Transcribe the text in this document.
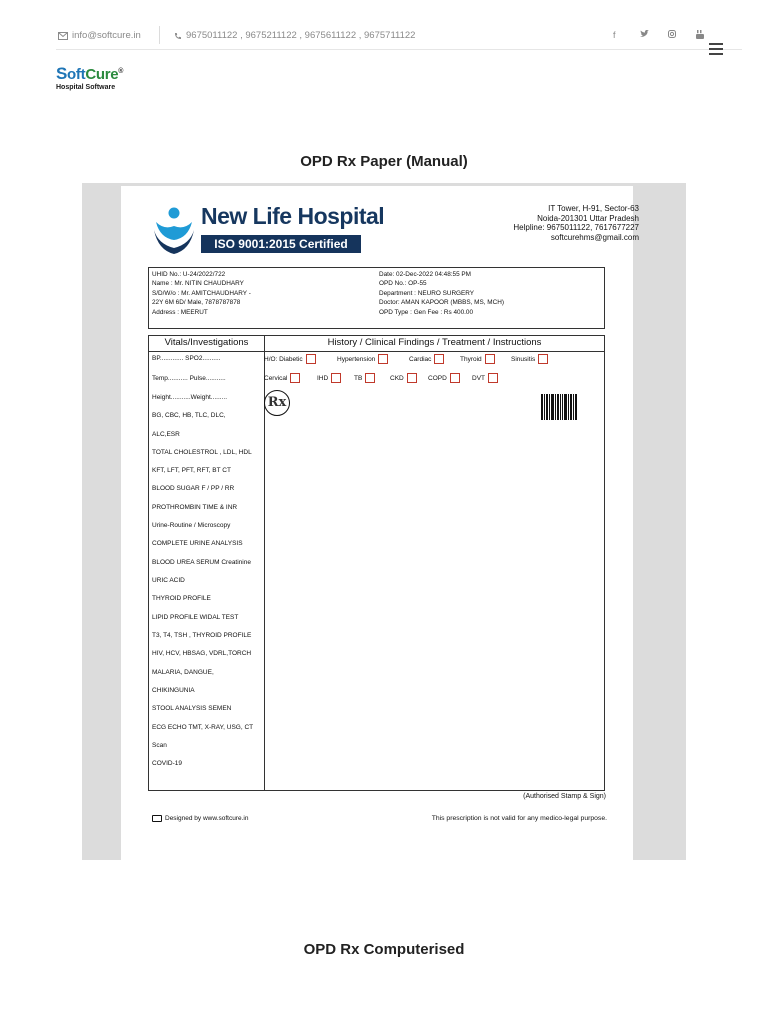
info@softcure.in	9675011122 , 9675211122 , 9675611122 , 9675711122	f
SoftCure®
Hospital Software
OPD Rx Paper (Manual)
New Life Hospital
ISO 9001:2015 Certified
IT Tower, H-91, Sector-63
Noida-201301 Uttar Pradesh
Helpline: 9675011122, 7617677227
softcurehms@gmail.com
UHID No.: U-24/2022/722
Name : Mr. NITIN CHAUDHARY
S/D/W/o : Mr. AMITCHAUDHARY -
22Y 6M 6D/ Male, 7878787878
Address : MEERUT
Date: 02-Dec-2022 04:48:55 PM
OPD No.: OP-55
Department : NEURO SURGERY
Doctor: AMAN KAPOOR (MBBS, MS, MCH)
OPD Type : Gen Fee : Rs 400.00
Vitals/Investigations	History / Clinical Findings / Treatment / Instructions
BP............. SPO2..........
Temp........... Pulse...........
Height...........Weight.........
BG, CBC, HB, TLC, DLC,
ALC,ESR
TOTAL CHOLESTROL , LDL, HDL
KFT, LFT, PFT, RFT, BT CT
BLOOD SUGAR F / PP / RR
PROTHROMBIN TIME & INR
Urine-Routine / Microscopy
COMPLETE URINE ANALYSIS
BLOOD UREA SERUM Creatinine
URIC ACID
THYROID PROFILE
LIPID PROFILE WIDAL TEST
T3, T4, TSH , THYROID PROFILE
HIV, HCV, HBSAG, VDRL,TORCH
MALARIA, DANGUE,
CHIKINGUNIA
STOOL ANALYSIS SEMEN
ECG ECHO TMT, X-RAY, USG, CT
Scan
COVID-19
H/O: Diabetic	Hypertension	Cardiac	Thyroid	Sinusitis
Cervical	IHD	TB	CKD	COPD	DVT
Rx
(Authorised Stamp & Sign)
Designed by www.softcure.in	This prescription is not valid for any medico-legal purpose.
OPD Rx Computerised
